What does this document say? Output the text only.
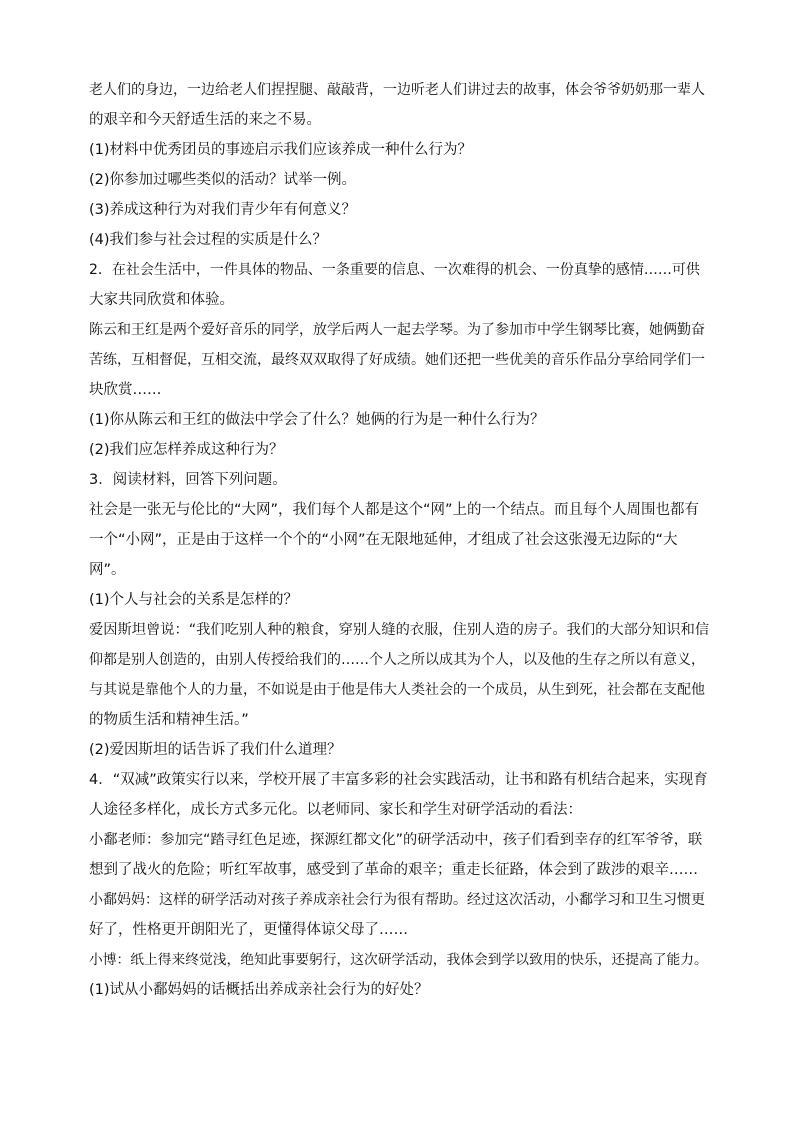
老人们的身边，一边给老人们捏捏腿、敲敲背，一边听老人们讲过去的故事，体会爷爷奶奶那一辈人
的艰辛和今天舒适生活的来之不易。
(1)材料中优秀团员的事迹启示我们应该养成一种什么行为？
(2)你参加过哪些类似的活动？试举一例。
(3)养成这种行为对我们青少年有何意义？
(4)我们参与社会过程的实质是什么？
2．在社会生活中，一件具体的物品、一条重要的信息、一次难得的机会、一份真挚的感情……可供
大家共同欣赏和体验。
陈云和王红是两个爱好音乐的同学，放学后两人一起去学琴。为了参加市中学生钢琴比赛，她俩勤奋
苦练，互相督促，互相交流，最终双双取得了好成绩。她们还把一些优美的音乐作品分享给同学们一
块欣赏……
(1)你从陈云和王红的做法中学会了什么？她俩的行为是一种什么行为？
(2)我们应怎样养成这种行为？
3．阅读材料，回答下列问题。
社会是一张无与伦比的“大网”，我们每个人都是这个“网”上的一个结点。而且每个人周围也都有
一个“小网”，正是由于这样一个个的“小网”在无限地延伸，才组成了社会这张漫无边际的“大
网”。
(1)个人与社会的关系是怎样的？
爱因斯坦曾说：“我们吃别人种的粮食，穿别人缝的衣服，住别人造的房子。我们的大部分知识和信
仰都是别人创造的，由别人传授给我们的……个人之所以成其为个人，以及他的生存之所以有意义，
与其说是靠他个人的力量，不如说是由于他是伟大人类社会的一个成员，从生到死，社会都在支配他
的物质生活和精神生活。”
(2)爱因斯坦的话告诉了我们什么道理？
4．“双减”政策实行以来，学校开展了丰富多彩的社会实践活动，让书和路有机结合起来，实现育
人途径多样化，成长方式多元化。以老师同、家长和学生对研学活动的看法：
小鄱老师：参加完“踏寻红色足迹，探源红都文化”的研学活动中，孩子们看到幸存的红军爷爷，联
想到了战火的危险；听红军故事，感受到了革命的艰辛；重走长征路，体会到了跋涉的艰辛……
小鄱妈妈：这样的研学活动对孩子养成亲社会行为很有帮助。经过这次活动，小鄱学习和卫生习惯更
好了，性格更开朗阳光了，更懂得体谅父母了……
小博：纸上得来终觉浅，绝知此事要躬行，这次研学活动，我体会到学以致用的快乐，还提高了能力。
(1)试从小鄱妈妈的话概括出养成亲社会行为的好处？
